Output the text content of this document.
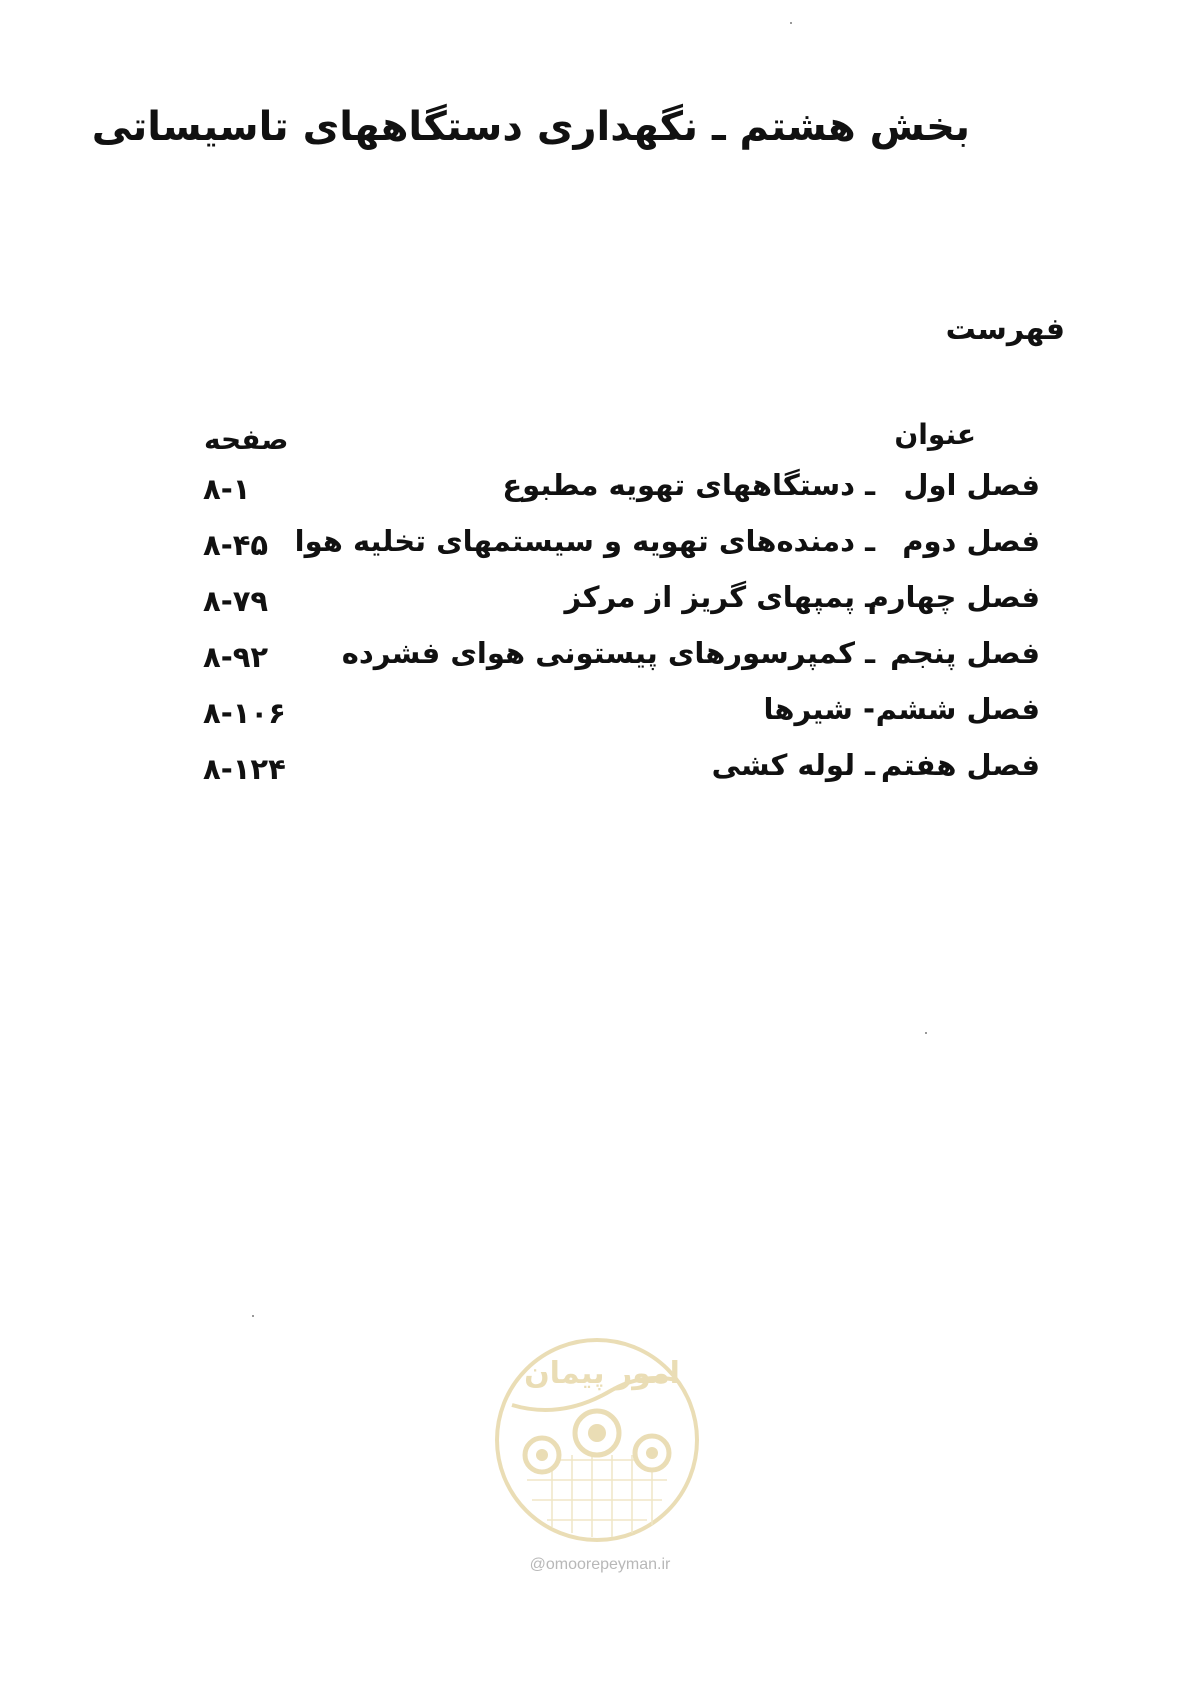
بخش هشتم ـ نگهداری دستگاههای تاسیساتی
فهرست
عنوان
صفحه
فصل اولـ دستگاههای تهویه مطبوع
۸-۱
فصل دومـ دمنده‌های تهویه و سیستمهای تخلیه هوا
۸-۴۵
فصل چهارمـ پمپهای گریز از مرکز
۸-۷۹
فصل پنجمـ کمپرسورهای پیستونی هوای فشرده
۸-۹۲
فصل ششم- شیرها
۸-۱۰۶
فصل هفتمـ لوله کشی
۸-۱۲۴
امور پیمان
@omoorepeyman.ir
